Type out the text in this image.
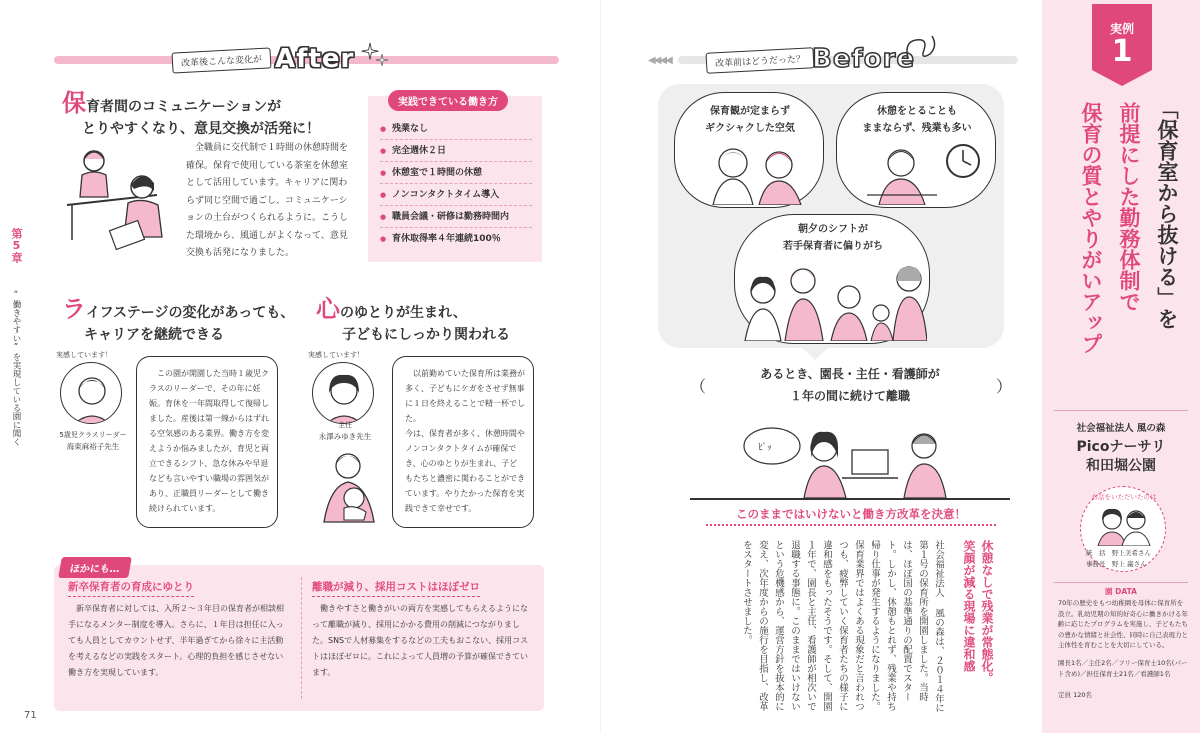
第5章
“働きやすい”を実現している園に聞く
改革後こんな変化が After
保育者間のコミュニケーションが
とりやすくなり、意見交換が活発に！
全職員に交代制で１時間の休憩時間を確保。保育で使用している茶室を休憩室として活用しています。キャリアに関わらず同じ空間で過ごし、コミュニケーションの土台がつくられるように。こうした環境から、風通しがよくなって、意見交換も活発になりました。
実践できている働き方
● 残業なし
● 完全週休２日
● 休憩室で１時間の休憩
● ノンコンタクトタイム導入
● 職員会議・研修は勤務時間内
● 育休取得率４年連続100％
ライフステージの変化があっても、
キャリアを継続できる
実感しています！
5歳児クラスリーダー
海東麻裕子先生
この園が開園した当時１歳児クラスのリーダーで、その年に妊娠。育休を一年間取得して復帰しました。産後は第一線からはずれる空気感のある業界。働き方を変えようか悩みましたが、育児と両立できるシフト、急な休みや早退なども言いやすい職場の雰囲気があり、正職員リーダーとして働き続けられています。
心のゆとりが生まれ、
子どもにしっかり関われる
実感しています！
主任
永澤みゆき先生
以前勤めていた保育所は業務が多く、子どもにケガをさせず無事に１日を終えることで精一杯でした。
今は、保育者が多く、休憩時間やノンコンタクトタイムが確保でき、心のゆとりが生まれ、子どもたちと濃密に関わることができています。やりたかった保育を実践できて幸せです。
ほかにも…
新卒保育者の育成にゆとり
新卒保育者に対しては、入所２〜３年目の保育者が相談相手になるメンター制度を導入。さらに、１年目は担任に入っても人員としてカウントせず、半年過ぎてから徐々に主活動を考えるなどの実践をスタート。心理的負担を感じさせない働き方を実現しています。
離職が減り、採用コストはほぼゼロ
働きやすさと働きがいの両方を実感してもらえるようになって離職が減り、採用にかかる費用の削減につながりました。SNSで人材募集をするなどの工夫もおこない、採用コストはほぼゼロに。これによって人員増の予算が確保できています。
71
◀◀◀◀	改革前はどうだった？ Before
保育観が定まらず
ギクシャクした空気
休憩をとることも
ままならず、残業も多い
朝夕のシフトが
若手保育者に偏りがち
あるとき、園長・主任・看護師が
１年の間に続けて離職
（	）
ﾋﾟｯ
このままではいけないと働き方改革を決意！
休憩なしで残業が常態化。
笑顔が減る現場に違和感
社会福祉法人 風の森は、２０１４年に第１号の保育所を開園しました。当時は、ほぼ国の基準通りの配置でスタート。しかし、休憩もとれず、残業や持ち帰り仕事が発生するようになりました。保育業界ではよくある現象だと言われつつも、疲弊していく保育者たちの様子に違和感をもったそうです。そして、開園１年で、園長と主任、看護師が相次いで退職する事態に。このままではいけないという危機感から、運営方針を抜本的に変え、次年度からの施行を目指し、改革をスタートさせました。
実例
1
「保育室から抜ける」を
前提にした勤務体制で
保育の質とやりがいアップ
社会福祉法人 風の森
Picoナーサリ
和田堀公園
お話をいただいたのは
統　括 野上美希さん
事務長 野上 巌さん
園 DATA
70年の歴史をもつ幼稚園を母体に保育所を設立。乳幼児期の知的好奇心に働きかける年齢に応じたプログラムを実施し、子どもたちの豊かな情緒と社会性、同時に自己表現力と主体性を育むことを大切にしている。
園長1名／主任2名／フリー保育士10名(パート含め)／担任保育士21名／看護師1名
定員 120名
